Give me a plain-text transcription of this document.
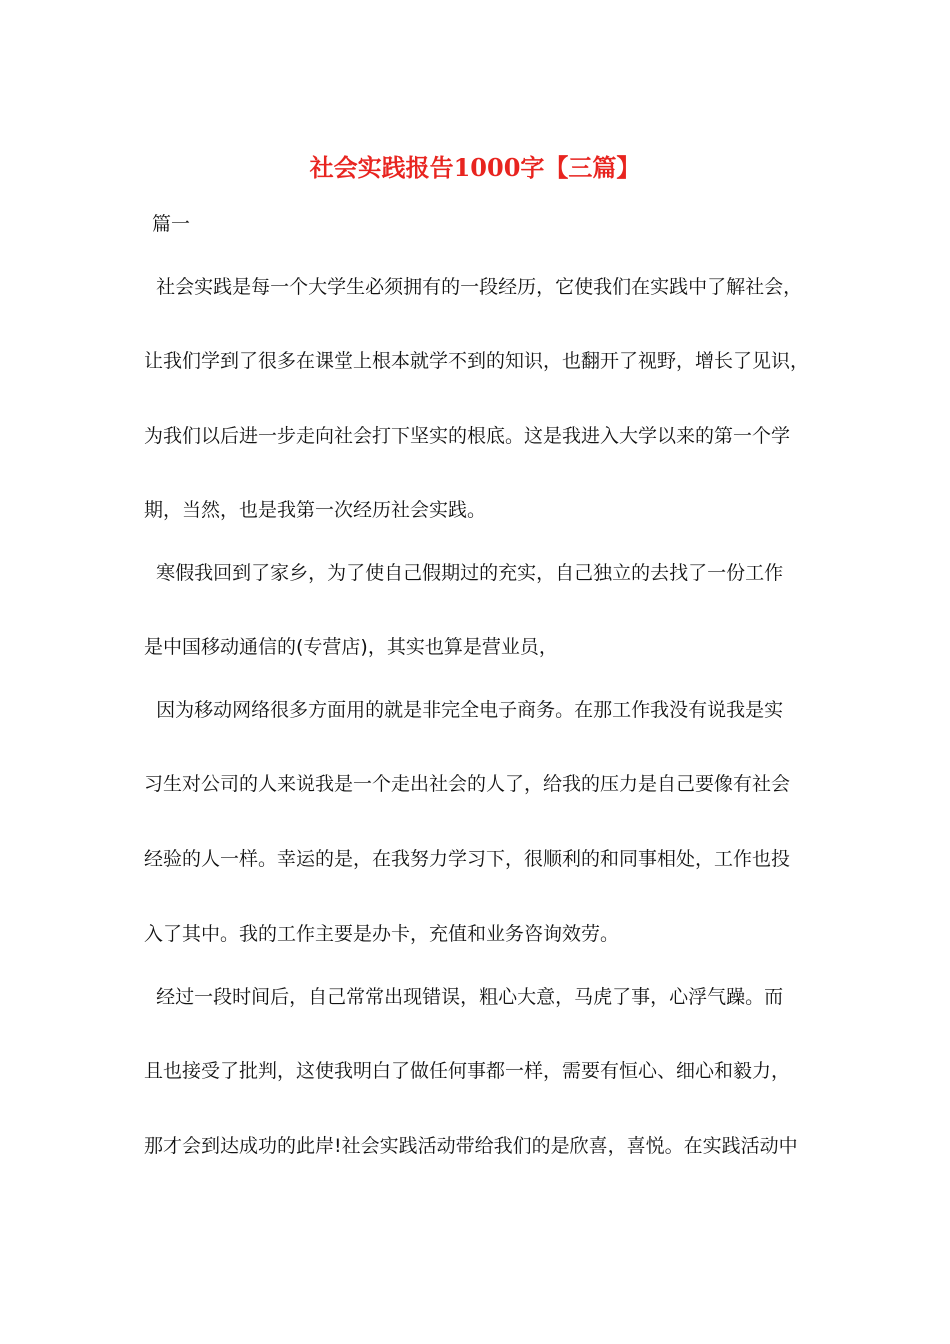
社会实践报告1000字【三篇】

篇一

社会实践是每一个大学生必须拥有的一段经历，它使我们在实践中了解社会，

让我们学到了很多在课堂上根本就学不到的知识，也翻开了视野，增长了见识，

为我们以后进一步走向社会打下坚实的根底。这是我进入大学以来的第一个学

期，当然，也是我第一次经历社会实践。

寒假我回到了家乡，为了使自己假期过的充实，自己独立的去找了一份工作

是中国移动通信的(专营店)，其实也算是营业员，

因为移动网络很多方面用的就是非完全电子商务。在那工作我没有说我是实

习生对公司的人来说我是一个走出社会的人了，给我的压力是自己要像有社会

经验的人一样。幸运的是，在我努力学习下，很顺利的和同事相处，工作也投

入了其中。我的工作主要是办卡，充值和业务咨询效劳。

经过一段时间后，自己常常出现错误，粗心大意，马虎了事，心浮气躁。而

且也接受了批判，这使我明白了做任何事都一样，需要有恒心、细心和毅力，

那才会到达成功的此岸!社会实践活动带给我们的是欣喜，喜悦。在实践活动中
